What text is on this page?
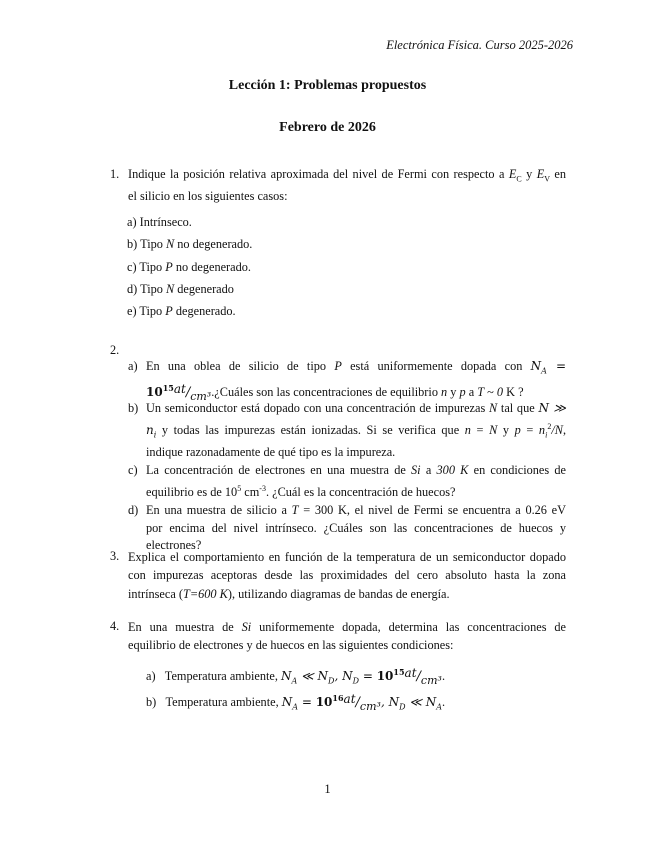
Electrónica Física. Curso 2025-2026
Lección 1: Problemas propuestos
Febrero de 2026
1. Indique la posición relativa aproximada del nivel de Fermi con respecto a $E_C$ y $E_V$ en
el silicio en los siguientes casos:
a) Intrínseco.
b) Tipo N no degenerado.
c) Tipo P no degenerado.
d) Tipo N degenerado
e) Tipo P degenerado.
2.
a) En una oblea de silicio de tipo P está uniformemente dopada con $N_A$ =
$10^{15}at/cm^3.¿Cuáles$ son las concentraciones de equilibrio n y p a T ~ 0 K ?
b) Un semiconductor está dopado con una concentración de impurezas N tal que N ≫
$n_i$ y todas las impurezas están ionizadas. Si se verifica que n = N y $p = n_i^2/N$,
indique razonadamente de qué tipo es la impureza.
c) La concentración de electrones en una muestra de Si a 300 K en condiciones de
equilibrio es de $10^5$ $cm^{-3}$. ¿Cuál es la concentración de huecos?
d) En una muestra de silicio a T = 300 K, el nivel de Fermi se encuentra a 0.26 eV
por encima del nivel intrínseco. ¿Cuáles son las concentraciones de huecos y
electrones?
3. Explica el comportamiento en función de la temperatura de un semiconductor dopado
con impurezas aceptoras desde las proximidades del cero absoluto hasta la zona
intrínseca (T=600 K), utilizando diagramas de bandas de energía.
4. En una muestra de Si uniformemente dopada, determina las concentraciones de
equilibrio de electrones y de huecos en las siguientes condiciones:
a) Temperatura ambiente, $N_A$ ≪ $N_D$, $N_D = 10^{15}at/cm^3$.
b) Temperatura ambiente, $N_A = 10^{16}at/cm^3$, $N_D$ ≪ $N_A$.
1
